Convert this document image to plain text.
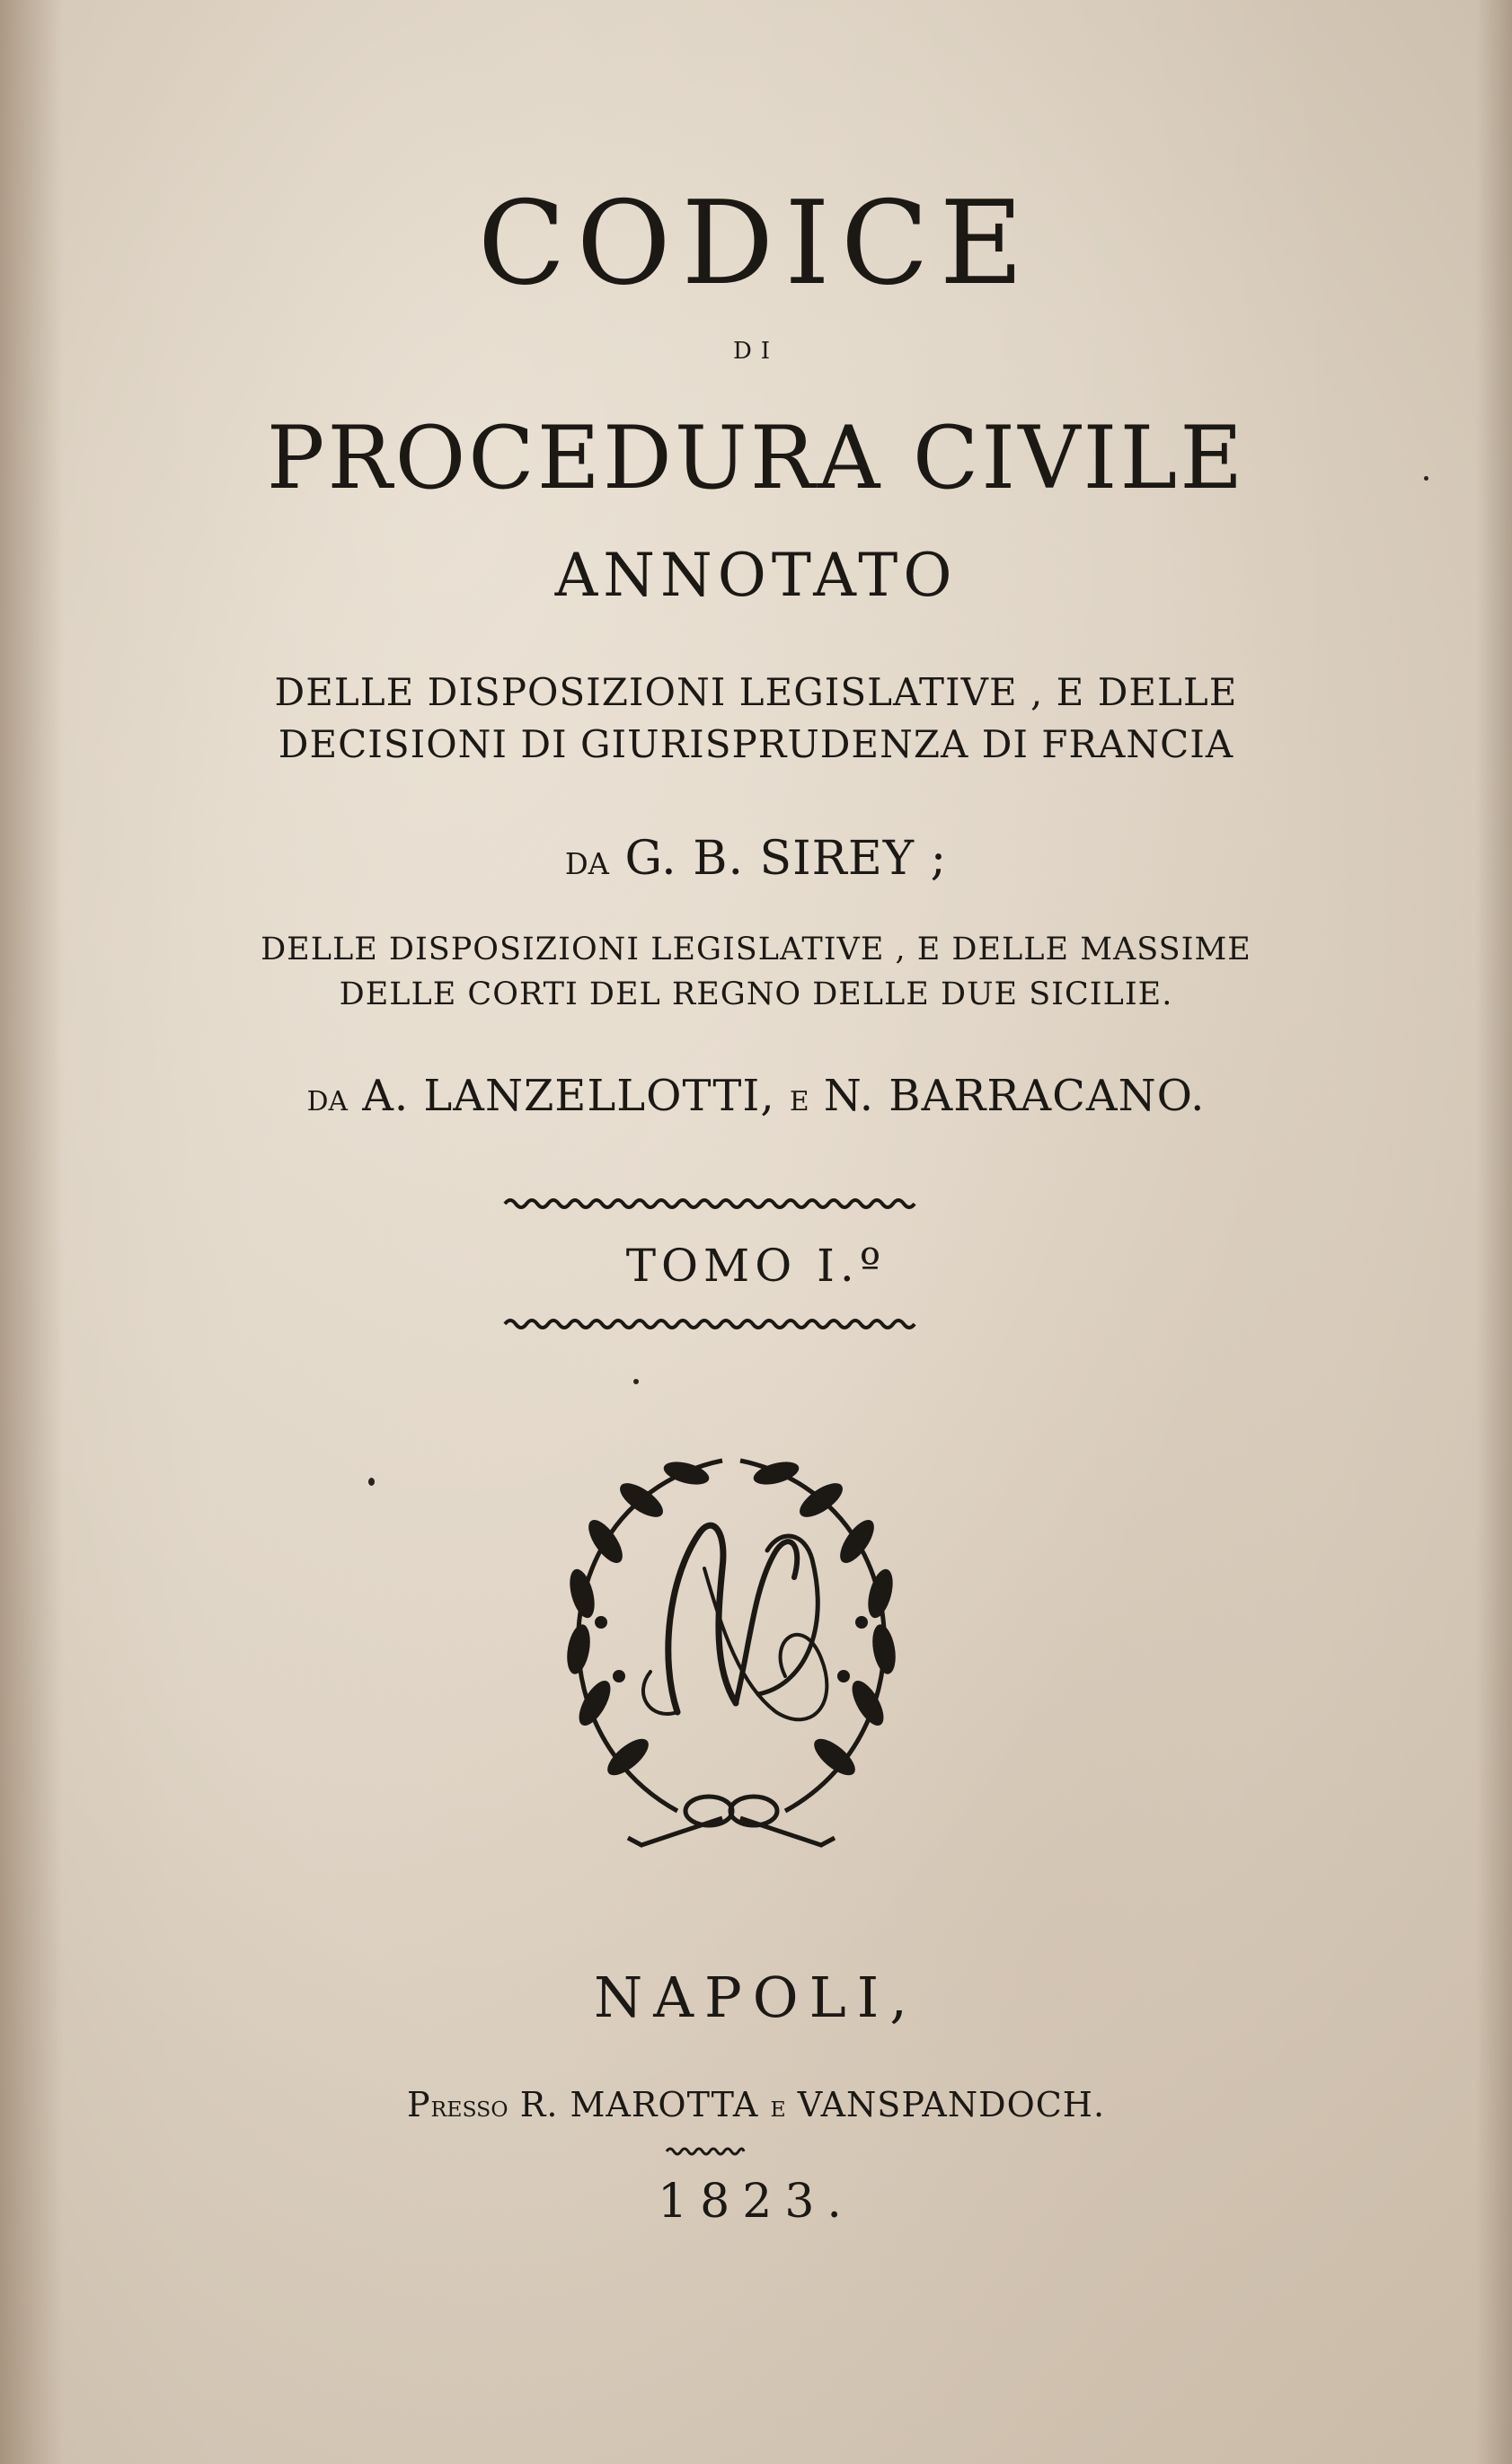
CODICE
DI
PROCEDURA CIVILE
ANNOTATO
DELLE DISPOSIZIONI LEGISLATIVE , E DELLE
DECISIONI DI GIURISPRUDENZA DI FRANCIA
DA G. B. SIREY ;
DELLE DISPOSIZIONI LEGISLATIVE , E DELLE MASSIME
DELLE CORTI DEL REGNO DELLE DUE SICILIE.
DA A. LANZELLOTTI, E N. BARRACANO.
TOMO I.º
NAPOLI,
PRESSO R. MAROTTA E VANSPANDOCH.
1823.
